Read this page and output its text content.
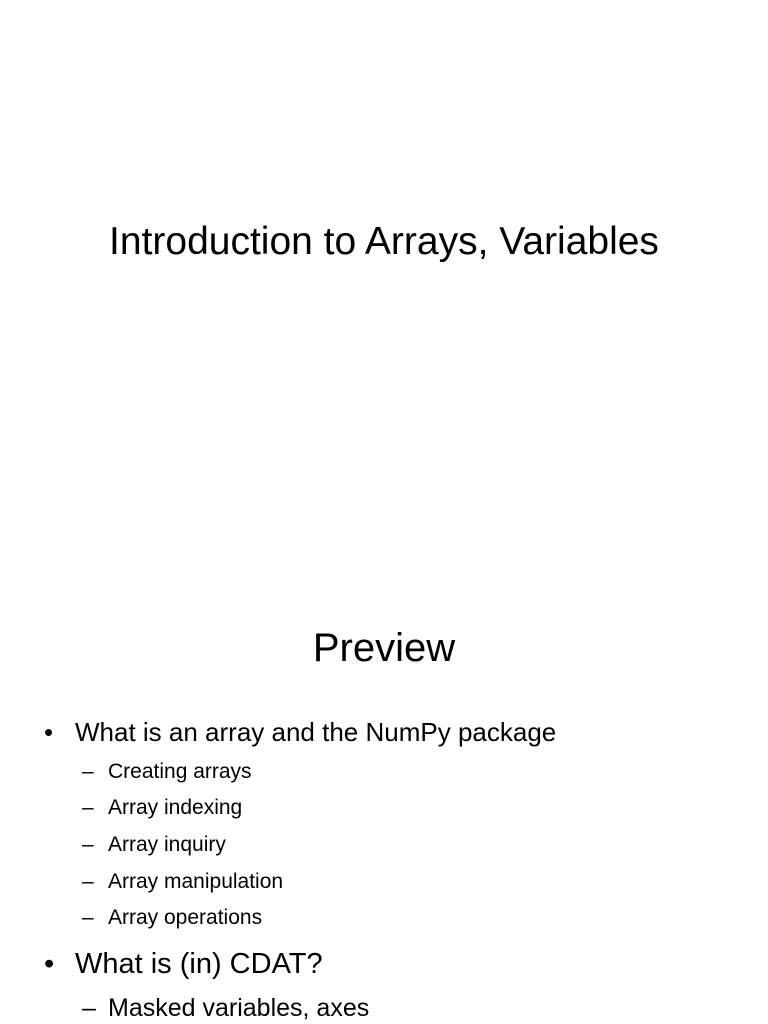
Introduction to Arrays, Variables
Preview
• What is an array and the NumPy package
– Creating arrays
– Array indexing
– Array inquiry
– Array manipulation
– Array operations
• What is (in) CDAT?
– Masked variables, axes
